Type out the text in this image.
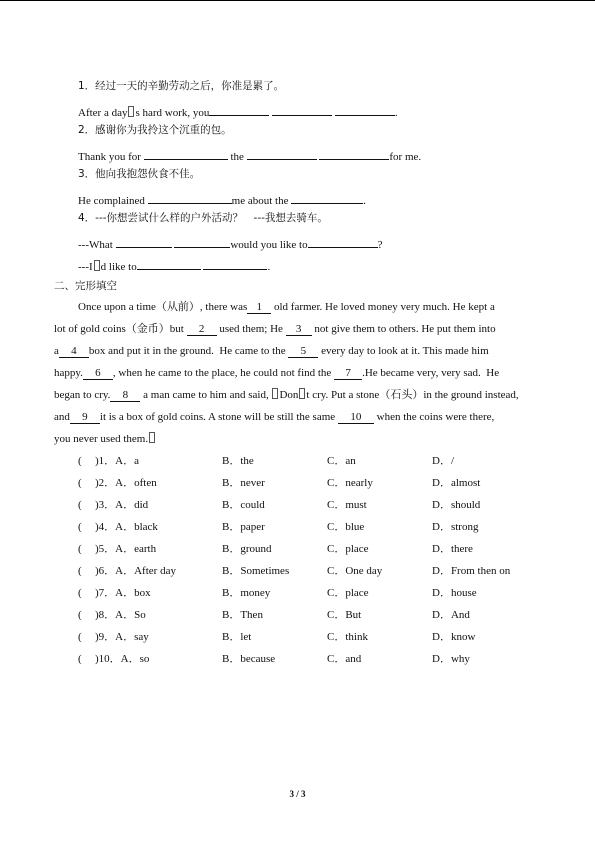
1．经过一天的辛勤劳动之后，你准是累了。
After a day s hard work, you	.
2．感谢你为我拎这个沉重的包。
Thank you for	the	for me.
3．他向我抱怨伙食不佳。
He complained	me about the	.
4．---你想尝试什么样的户外活动？　---我想去骑车。
---What	would you like to	?
---I d like to	.
二、完形填空
Once upon a time（从前）, there was 1 old farmer. He loved money very much. He kept a
lot of gold coins（金币）but 2 used them; He 3 not give them to others. He put them into
a 4 box and put it in the ground.  He came to the 5 every day to look at it. This made him
happy. 6 , when he came to the place, he could not find the 7 .He became very, very sad.  He
began to cry. 8 a man came to him and said, Don t cry. Put a stone（石头）in the ground instead,
and 9 it is a box of gold coins. A stone will be still the same 10 when the coins were there,
you never used them.
( )1．A．a	B．the	C．an	D．/
( )2．A．often	B．never	C．nearly	D．almost
( )3．A．did	B．could	C．must	D．should
( )4．A．black	B．paper	C．blue	D．strong
( )5．A．earth	B．ground	C．place	D．there
( )6．A．After day	B．Sometimes	C．One day	D．From then on
( )7．A．box	B．money	C．place	D．house
( )8．A．So	B．Then	C．But	D．And
( )9．A．say	B．let	C．think	D．know
( )10．A．so	B．because	C．and	D．why
3 / 3
